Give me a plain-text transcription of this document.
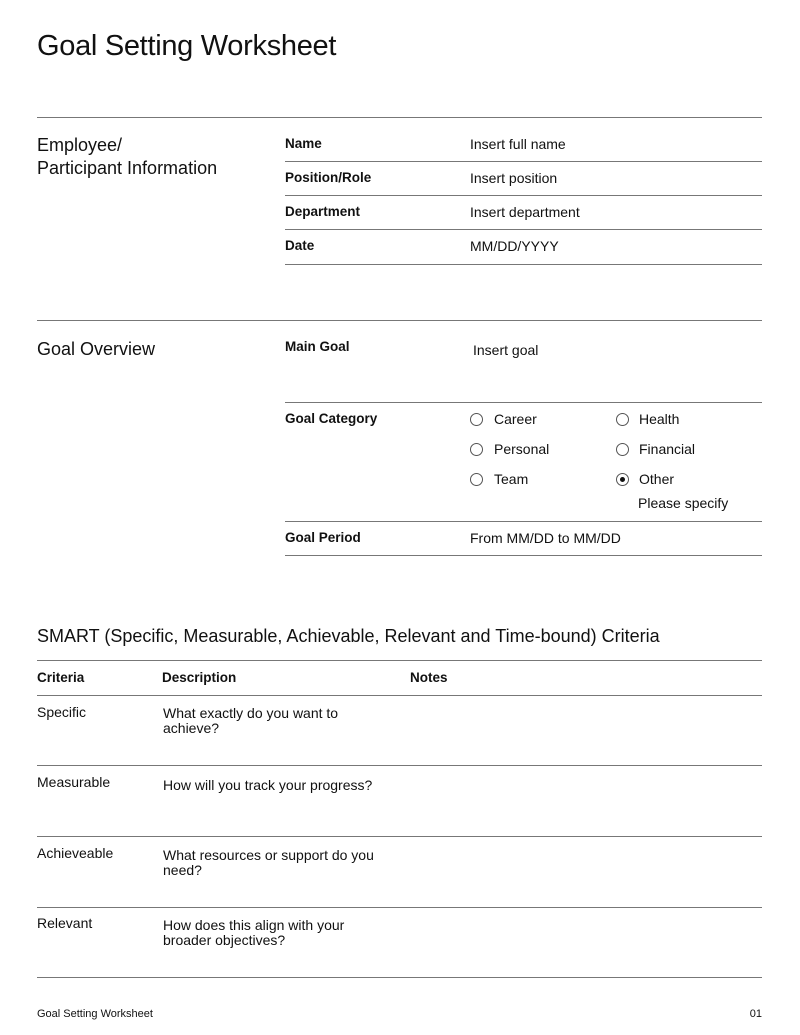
Goal Setting Worksheet
Employee/
Participant Information
Name	Insert full name
Position/Role	Insert position
Department	Insert department
Date	MM/DD/YYYY
Goal Overview	Main Goal	Insert goal
Goal Category	Career	Health
Personal	Financial
Team	Other
Please specify
Goal Period	From MM/DD to MM/DD
SMART (Specific, Measurable, Achievable, Relevant and Time-bound) Criteria
Criteria	Description	Notes
Specific	What exactly do you want to achieve?
Measurable	How will you track your progress?
Achieveable	What resources or support do you need?
Relevant	How does this align with your broader objectives?
Goal Setting Worksheet	01
